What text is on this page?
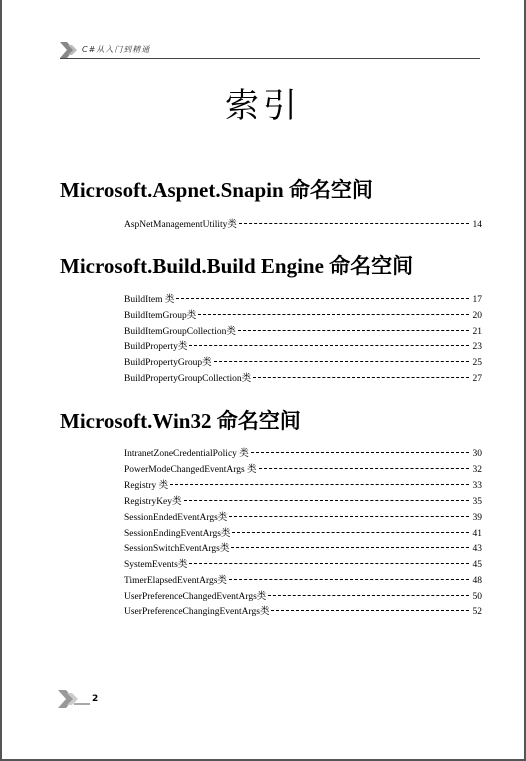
C#从入门到精通
索引
Microsoft.Aspnet.Snapin 命名空间
AspNetManagementUtility类	14
Microsoft.Build.Build Engine 命名空间
BuildItem 类	17
BuildItemGroup类	20
BuildItemGroupCollection类	21
BuildProperty类	23
BuildPropertyGroup类	25
BuildPropertyGroupCollection类	27
Microsoft.Win32 命名空间
IntranetZoneCredentialPolicy 类	30
PowerModeChangedEventArgs 类	32
Registry 类	33
RegistryKey类	35
SessionEndedEventArgs类	39
SessionEndingEventArgs类	41
SessionSwitchEventArgs类	43
SystemEvents类	45
TimerElapsedEventArgs类	48
UserPreferenceChangedEventArgs类	50
UserPreferenceChangingEventArgs类	52
2
